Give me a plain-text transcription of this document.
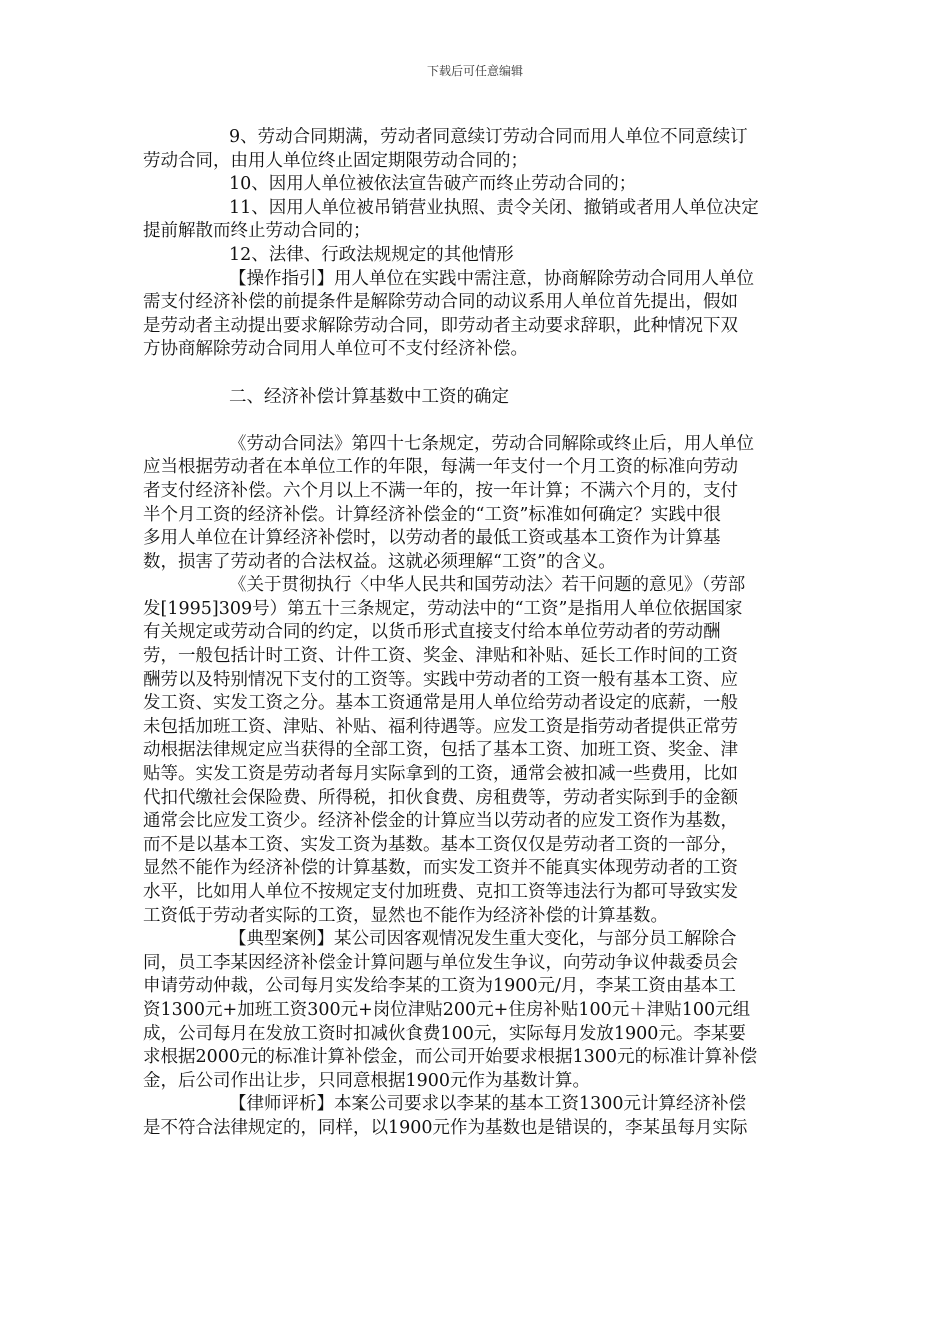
下载后可任意编辑
9、劳动合同期满，劳动者同意续订劳动合同而用人单位不同意续订
劳动合同，由用人单位终止固定期限劳动合同的；
10、因用人单位被依法宣告破产而终止劳动合同的；
11、因用人单位被吊销营业执照、责令关闭、撤销或者用人单位决定
提前解散而终止劳动合同的；
12、法律、行政法规规定的其他情形
【操作指引】用人单位在实践中需注意，协商解除劳动合同用人单位
需支付经济补偿的前提条件是解除劳动合同的动议系用人单位首先提出，假如
是劳动者主动提出要求解除劳动合同，即劳动者主动要求辞职，此种情况下双
方协商解除劳动合同用人单位可不支付经济补偿。
二、经济补偿计算基数中工资的确定
《劳动合同法》第四十七条规定，劳动合同解除或终止后，用人单位
应当根据劳动者在本单位工作的年限，每满一年支付一个月工资的标准向劳动
者支付经济补偿。六个月以上不满一年的，按一年计算；不满六个月的，支付
半个月工资的经济补偿。计算经济补偿金的“工资”标准如何确定？实践中很
多用人单位在计算经济补偿时，以劳动者的最低工资或基本工资作为计算基
数，损害了劳动者的合法权益。这就必须理解“工资”的含义。
《关于贯彻执行〈中华人民共和国劳动法〉若干问题的意见》（劳部
发[1995]309号）第五十三条规定，劳动法中的“工资”是指用人单位依据国家
有关规定或劳动合同的约定，以货币形式直接支付给本单位劳动者的劳动酬
劳，一般包括计时工资、计件工资、奖金、津贴和补贴、延长工作时间的工资
酬劳以及特别情况下支付的工资等。实践中劳动者的工资一般有基本工资、应
发工资、实发工资之分。基本工资通常是用人单位给劳动者设定的底薪，一般
未包括加班工资、津贴、补贴、福利待遇等。应发工资是指劳动者提供正常劳
动根据法律规定应当获得的全部工资，包括了基本工资、加班工资、奖金、津
贴等。实发工资是劳动者每月实际拿到的工资，通常会被扣减一些费用，比如
代扣代缴社会保险费、所得税，扣伙食费、房租费等，劳动者实际到手的金额
通常会比应发工资少。经济补偿金的计算应当以劳动者的应发工资作为基数，
而不是以基本工资、实发工资为基数。基本工资仅仅是劳动者工资的一部分，
显然不能作为经济补偿的计算基数，而实发工资并不能真实体现劳动者的工资
水平，比如用人单位不按规定支付加班费、克扣工资等违法行为都可导致实发
工资低于劳动者实际的工资，显然也不能作为经济补偿的计算基数。
【典型案例】某公司因客观情况发生重大变化，与部分员工解除合
同，员工李某因经济补偿金计算问题与单位发生争议，向劳动争议仲裁委员会
申请劳动仲裁，公司每月实发给李某的工资为1900元/月，李某工资由基本工
资1300元+加班工资300元+岗位津贴200元+住房补贴100元＋津贴100元组
成，公司每月在发放工资时扣减伙食费100元，实际每月发放1900元。李某要
求根据2000元的标准计算补偿金，而公司开始要求根据1300元的标准计算补偿
金，后公司作出让步，只同意根据1900元作为基数计算。
【律师评析】本案公司要求以李某的基本工资1300元计算经济补偿
是不符合法律规定的，同样，以1900元作为基数也是错误的，李某虽每月实际
